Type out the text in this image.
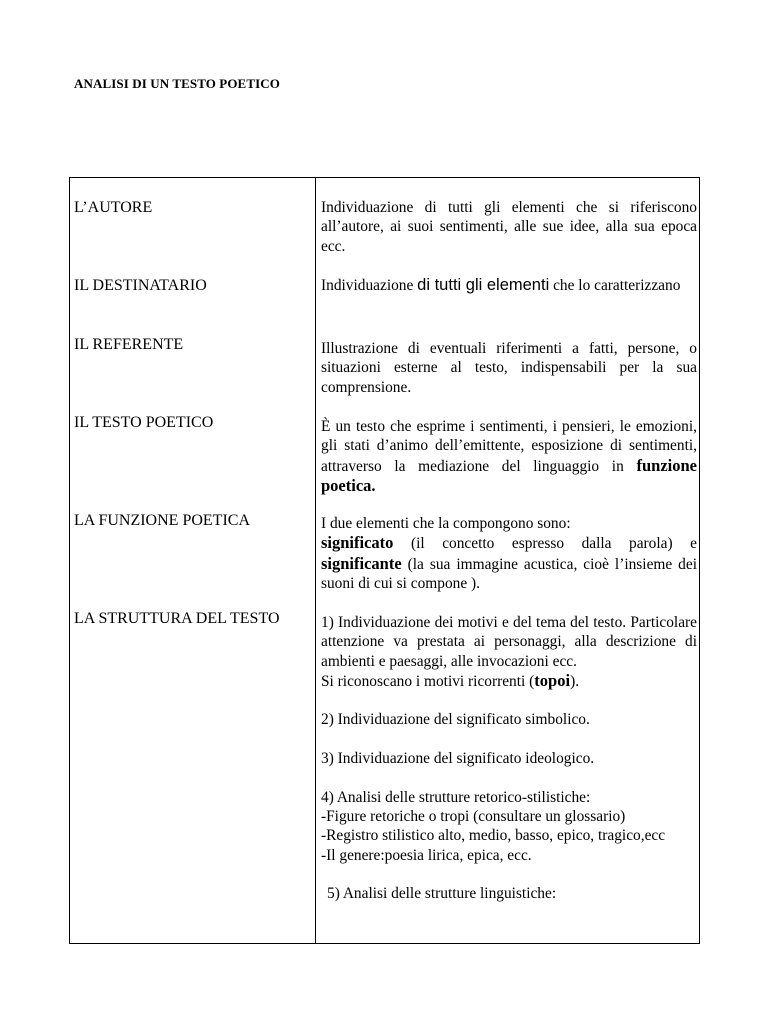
ANALISI DI UN TESTO POETICO
L’AUTORE	Individuazione di tutti gli elementi che si riferiscono all’autore, ai suoi sentimenti, alle sue idee, alla sua epoca ecc.

IL DESTINATARIO	Individuazione di tutti gli elementi che lo caratterizzano

IL REFERENTE	Illustrazione di eventuali riferimenti a fatti, persone, o situazioni esterne al testo, indispensabili per la sua comprensione.

IL TESTO POETICO	È un testo che esprime i sentimenti, i pensieri, le emozioni, gli stati d’animo dell’emittente, esposizione di sentimenti, attraverso la mediazione del linguaggio in funzione poetica.

LA FUNZIONE POETICA	I due elementi che la compongono sono:

significato (il concetto espresso dalla parola) e significante (la sua immagine acustica, cioè l’insieme dei suoni di cui si compone ).

LA STRUTTURA DEL TESTO	1) Individuazione dei motivi e del tema del testo. Particolare attenzione va prestata ai personaggi, alla descrizione di ambienti e paesaggi, alle invocazioni ecc.

Si riconoscano i motivi ricorrenti (topoi).

2) Individuazione del significato simbolico.

3) Individuazione del significato ideologico.

4) Analisi delle strutture retorico-stilistiche:

-Figure retoriche o tropi (consultare un glossario)

-Registro stilistico alto, medio, basso, epico, tragico,ecc

-Il genere:poesia lirica, epica, ecc.

5) Analisi delle strutture linguistiche:
